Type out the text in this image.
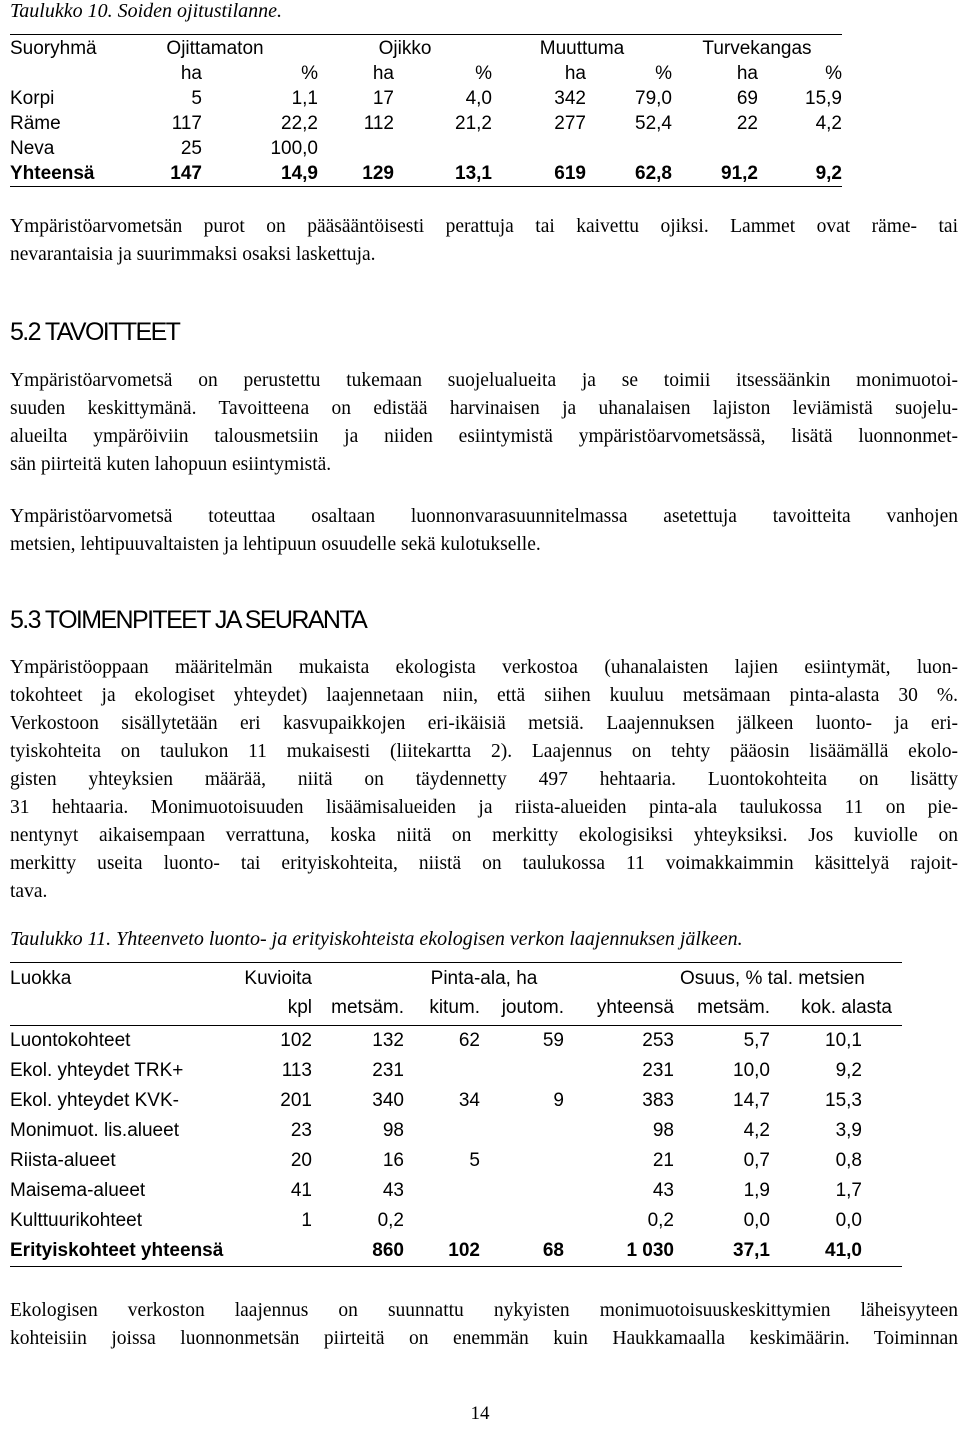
Taulukko 10. Soiden ojitustilanne.
Suoryhmä	Ojittamaton		Ojikko		Muuttuma		Turvekangas	
	ha	%	ha	%	ha	%	ha	%
Korpi	5	1,1	17	4,0	342	79,0	69	15,9
Räme	117	22,2	112	21,2	277	52,4	22	4,2
Neva	25	100,0						
Yhteensä	147	14,9	129	13,1	619	62,8	91,2	9,2
Ympäristöarvometsän purot on pääsääntöisesti perattuja tai kaivettu ojiksi. Lammet ovat räme- tai
nevarantaisia ja suurimmaksi osaksi laskettuja.
5.2 TAVOITTEET
Ympäristöarvometsä on perustettu tukemaan suojelualueita ja se toimii itsessäänkin monimuotoi-
suuden keskittymänä. Tavoitteena on edistää harvinaisen ja uhanalaisen lajiston leviämistä suojelu-
alueilta ympäröiviin talousmetsiin ja niiden esiintymistä ympäristöarvometsässä, lisätä luonnonmet-
sän piirteitä kuten lahopuun esiintymistä.
Ympäristöarvometsä toteuttaa osaltaan luonnonvarasuunnitelmassa asetettuja tavoitteita vanhojen
metsien, lehtipuuvaltaisten ja lehtipuun osuudelle sekä kulotukselle.
5.3 TOIMENPITEET JA SEURANTA
Ympäristöoppaan määritelmän mukaista ekologista verkostoa (uhanalaisten lajien esiintymät, luon-
tokohteet ja ekologiset yhteydet) laajennetaan niin, että siihen kuuluu metsämaan pinta-alasta 30 %.
Verkostoon sisällytetään eri kasvupaikkojen eri-ikäisiä metsiä. Laajennuksen jälkeen luonto- ja eri-
tyiskohteita on taulukon 11 mukaisesti (liitekartta 2). Laajennus on tehty pääosin lisäämällä ekolo-
gisten yhteyksien määrää, niitä on täydennetty 497 hehtaaria. Luontokohteita on lisätty
31 hehtaaria. Monimuotoisuuden lisäämisalueiden ja riista-alueiden pinta-ala taulukossa 11 on pie-
nentynyt aikaisempaan verrattuna, koska niitä on merkitty ekologisiksi yhteyksiksi. Jos kuviolle on
merkitty useita luonto- tai erityiskohteita, niistä on taulukossa 11 voimakkaimmin käsittelyä rajoit-
tava.
Taulukko 11. Yhteenveto luonto- ja erityiskohteista ekologisen verkon laajennuksen jälkeen.
Luokka	Kuvioita		Pinta-ala, ha			Osuus, % tal. metsien	
	kpl	metsäm.	kitum.	joutom.	yhteensä	metsäm.	kok. alasta
Luontokohteet	102	132	62	59	253	5,7	10,1	
Ekol. yhteydet TRK+	113	231			231	10,0	9,2	
Ekol. yhteydet KVK-	201	340	34	9	383	14,7	15,3	
Monimuot. lis.alueet	23	98			98	4,2	3,9	
Riista-alueet	20	16	5		21	0,7	0,8	
Maisema-alueet	41	43			43	1,9	1,7	
Kulttuurikohteet	1	0,2			0,2	0,0	0,0	
Erityiskohteet yhteensä		860	102	68	1 030	37,1	41,0	
Ekologisen verkoston laajennus on suunnattu nykyisten monimuotoisuuskeskittymien läheisyyteen
kohteisiin joissa luonnonmetsän piirteitä on enemmän kuin Haukkamaalla keskimäärin. Toiminnan
14
